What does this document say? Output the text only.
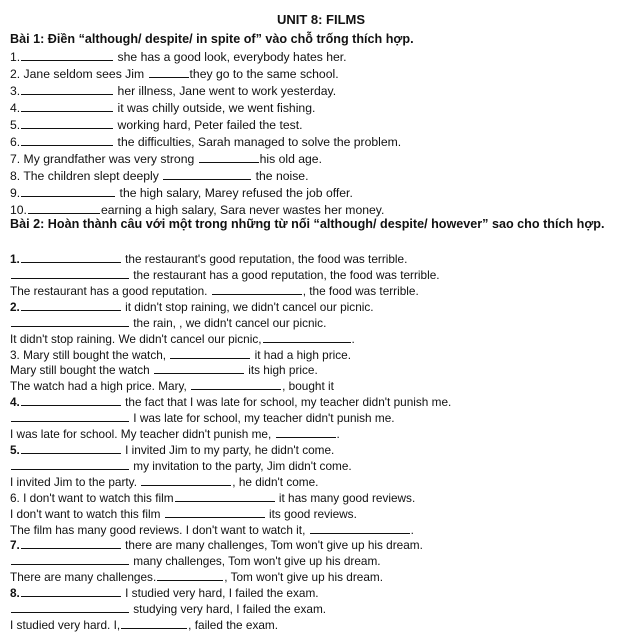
UNIT 8: FILMS
Bài 1: Điền “although/ despite/ in spite of” vào chỗ trống thích hợp.
1.	she has a good look, everybody hates her.
2. Jane seldom sees Jim	they go to the same school.
3.	her illness, Jane went to work yesterday.
4.	it was chilly outside, we went fishing.
5.	working hard, Peter failed the test.
6.	the difficulties, Sarah managed to solve the problem.
7. My grandfather was very strong	his old age.
8. The children slept deeply	the noise.
9.	the high salary, Marey refused the job offer.
10.	earning a high salary, Sara never wastes her money.
Bài 2: Hoàn thành câu với một trong những từ nối “although/ despite/ however” sao cho thích hợp.
1.	the restaurant's good reputation, the food was terrible.
the restaurant has a good reputation, the food was terrible.
The restaurant has a good reputation.	, the food was terrible.
2.	it didn't stop raining, we didn't cancel our picnic.
the rain, , we didn't cancel our picnic.
It didn't stop raining. We didn't cancel our picnic,	.
3. Mary still bought the watch,	it had a high price.
Mary still bought the watch	its high price.
The watch had a high price. Mary,	, bought it
4.	the fact that I was late for school, my teacher didn't punish me.
I was late for school, my teacher didn't punish me.
I was late for school. My teacher didn't punish me,	.
5.	I invited Jim to my party, he didn't come.
my invitation to the party, Jim didn't come.
I invited Jim to the party.	, he didn't come.
6. I don't want to watch this film	it has many good reviews.
I don't want to watch this film	its good reviews.
The film has many good reviews. I don't want to watch it,	.
7.	there are many challenges, Tom won't give up his dream.
many challenges, Tom won't give up his dream.
There are many challenges.	, Tom won't give up his dream.
8.	I studied very hard, I failed the exam.
studying very hard, I failed the exam.
I studied very hard. I,	, failed the exam.
